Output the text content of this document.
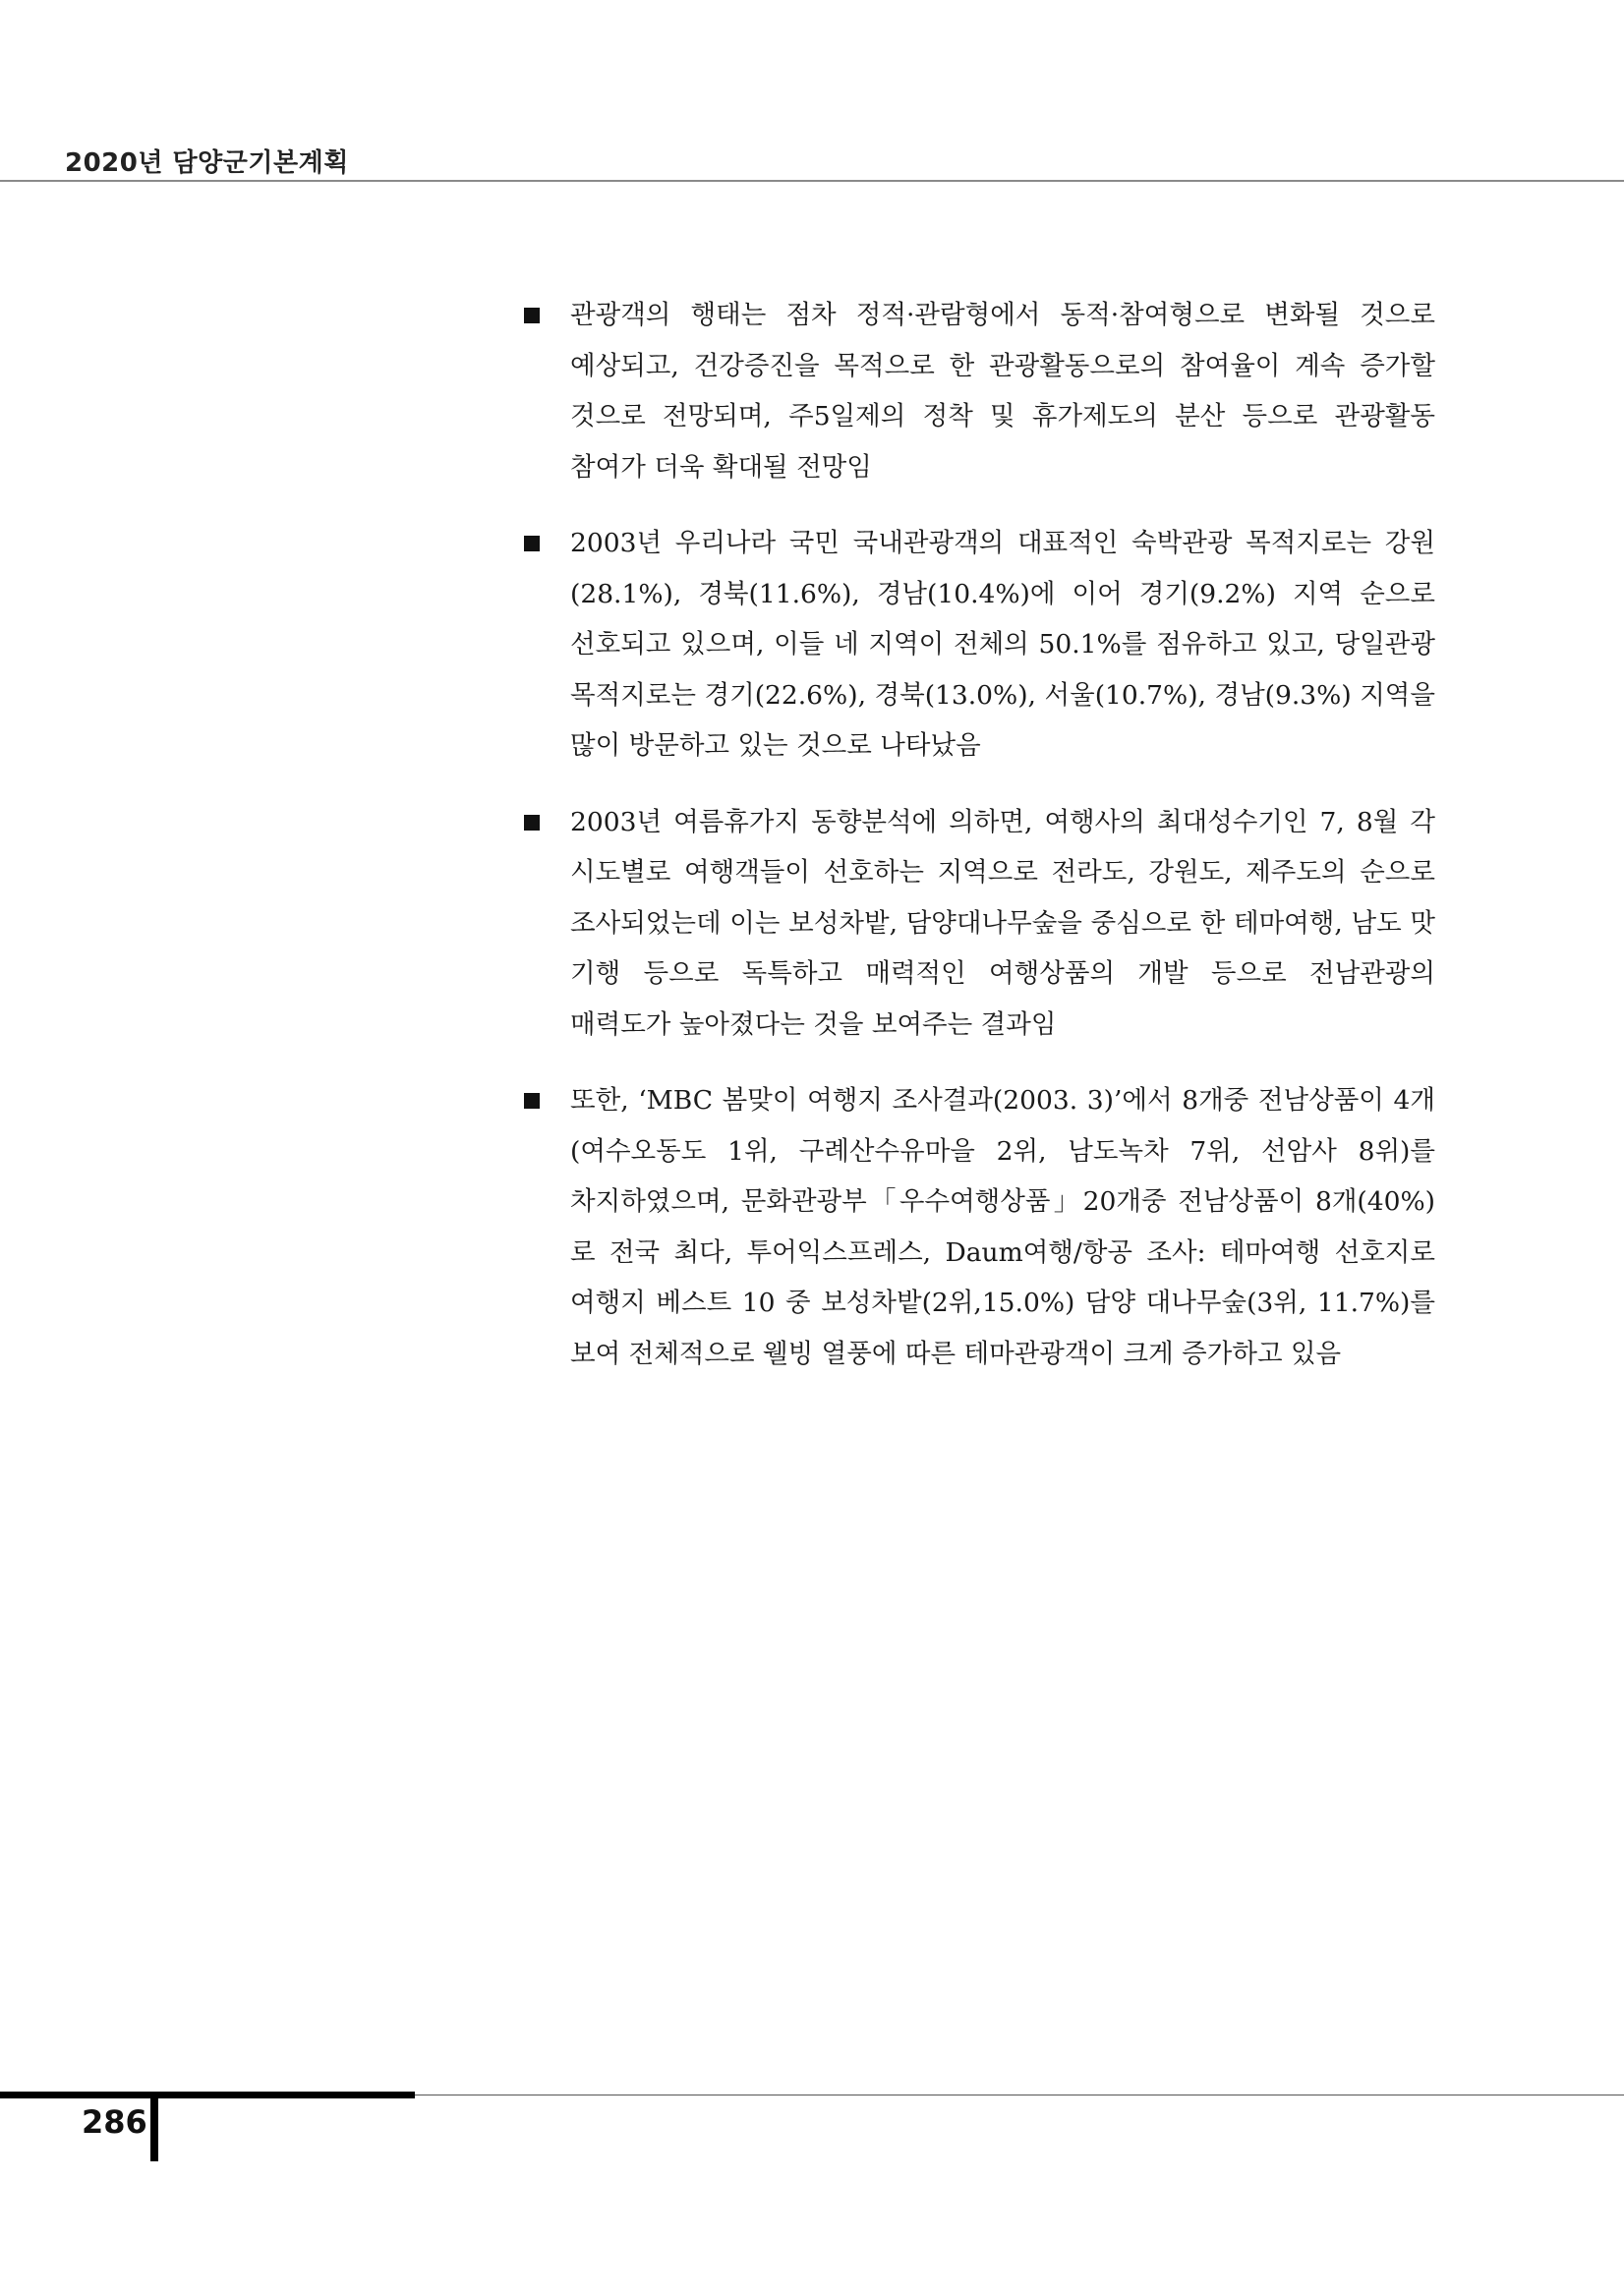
2020년 담양군기본계획
관광객의 행태는 점차 정적·관람형에서 동적·참여형으로 변화될 것으로 예상되고, 건강증진을 목적으로 한 관광활동으로의 참여율이 계속 증가할 것으로 전망되며, 주5일제의 정착 및 휴가제도의 분산 등으로 관광활동 참여가 더욱 확대될 전망임
2003년 우리나라 국민 국내관광객의 대표적인 숙박관광 목적지로는 강원(28.1%), 경북(11.6%), 경남(10.4%)에 이어 경기(9.2%) 지역 순으로 선호되고 있으며, 이들 네 지역이 전체의 50.1%를 점유하고 있고, 당일관광 목적지로는 경기(22.6%), 경북(13.0%), 서울(10.7%), 경남(9.3%) 지역을 많이 방문하고 있는 것으로 나타났음
2003년 여름휴가지 동향분석에 의하면, 여행사의 최대성수기인 7, 8월 각 시도별로 여행객들이 선호하는 지역으로 전라도, 강원도, 제주도의 순으로 조사되었는데 이는 보성차밭, 담양대나무숲을 중심으로 한 테마여행, 남도 맛 기행 등으로 독특하고 매력적인 여행상품의 개발 등으로 전남관광의 매력도가 높아졌다는 것을 보여주는 결과임
또한, ‘MBC 봄맞이 여행지 조사결과(2003. 3)’에서 8개중 전남상품이 4개(여수오동도 1위, 구례산수유마을 2위, 남도녹차 7위, 선암사 8위)를 차지하였으며, 문화관광부「우수여행상품」20개중 전남상품이 8개(40%)로 전국 최다, 투어익스프레스, Daum여행/항공 조사: 테마여행 선호지로 여행지 베스트 10 중 보성차밭(2위,15.0%) 담양 대나무숲(3위, 11.7%)를 보여 전체적으로 웰빙 열풍에 따른 테마관광객이 크게 증가하고 있음
286
